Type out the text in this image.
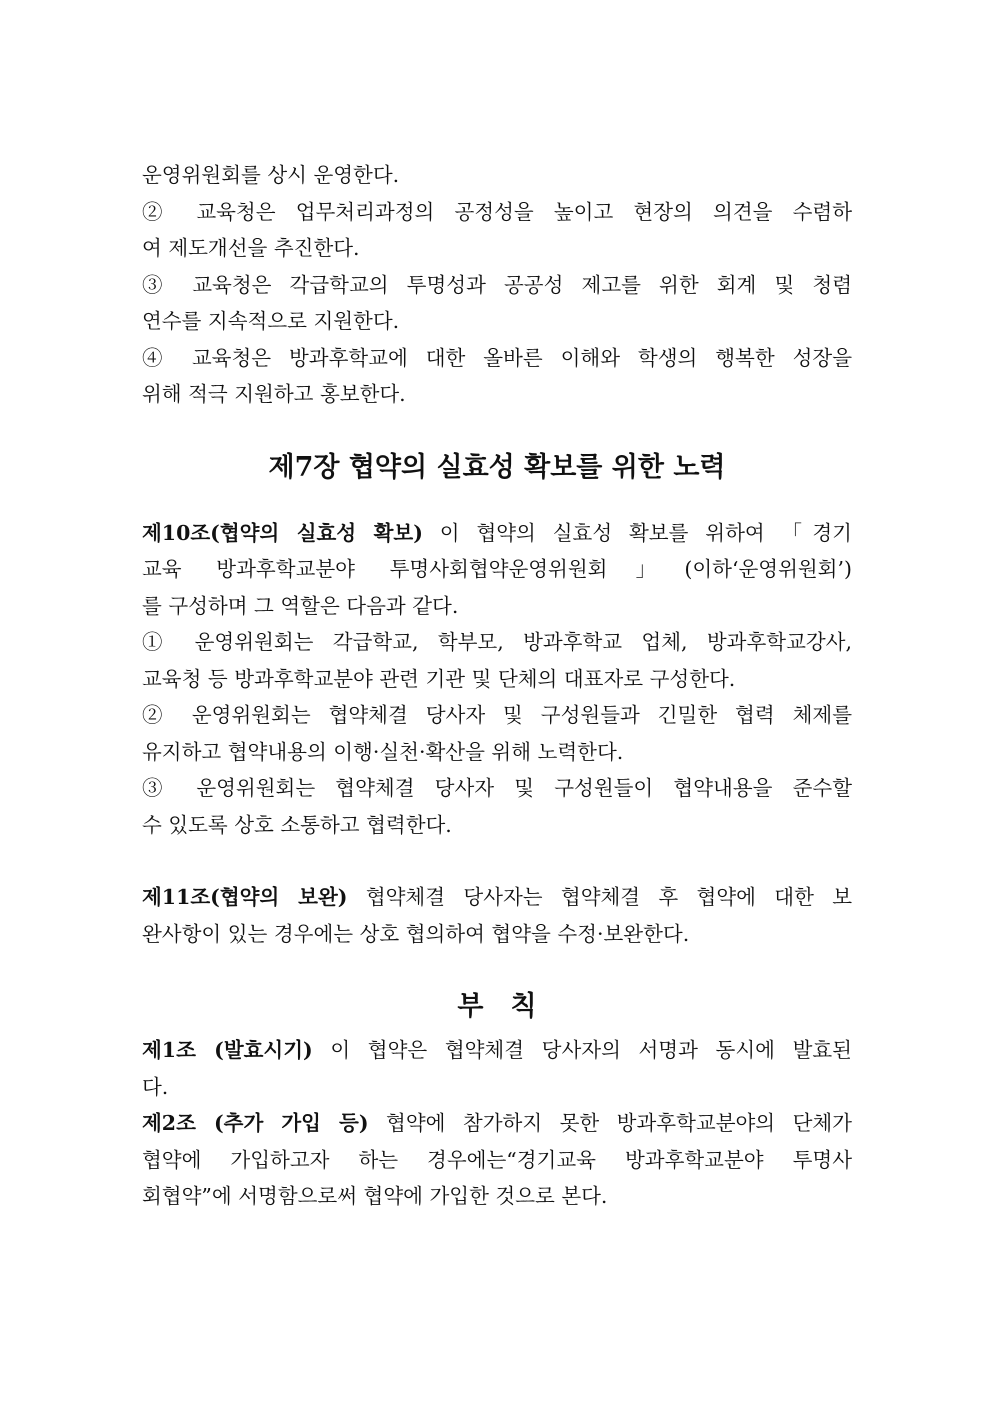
운영위원회를 상시 운영한다.
② 교육청은 업무처리과정의 공정성을 높이고 현장의 의견을 수렴하
여 제도개선을 추진한다.
③ 교육청은 각급학교의 투명성과 공공성 제고를 위한 회계 및 청렴
연수를 지속적으로 지원한다.
④ 교육청은 방과후학교에 대한 올바른 이해와 학생의 행복한 성장을
위해 적극 지원하고 홍보한다.
제7장 협약의 실효성 확보를 위한 노력
제10조(협약의 실효성 확보) 이 협약의 실효성 확보를 위하여 「경기
교육 방과후학교분야 투명사회협약운영위원회」(이하‘운영위원회’)
를 구성하며 그 역할은 다음과 같다.
① 운영위원회는 각급학교, 학부모, 방과후학교 업체, 방과후학교강사,
교육청 등 방과후학교분야 관련 기관 및 단체의 대표자로 구성한다.
② 운영위원회는 협약체결 당사자 및 구성원들과 긴밀한 협력 체제를
유지하고 협약내용의 이행·실천·확산을 위해 노력한다.
③ 운영위원회는 협약체결 당사자 및 구성원들이 협약내용을 준수할
수 있도록 상호 소통하고 협력한다.
제11조(협약의 보완) 협약체결 당사자는 협약체결 후 협약에 대한 보
완사항이 있는 경우에는 상호 협의하여 협약을 수정·보완한다.
부　칙
제1조 (발효시기) 이 협약은 협약체결 당사자의 서명과 동시에 발효된
다.
제2조 (추가 가입 등) 협약에 참가하지 못한 방과후학교분야의 단체가
협약에 가입하고자 하는 경우에는“경기교육 방과후학교분야 투명사
회협약”에 서명함으로써 협약에 가입한 것으로 본다.
